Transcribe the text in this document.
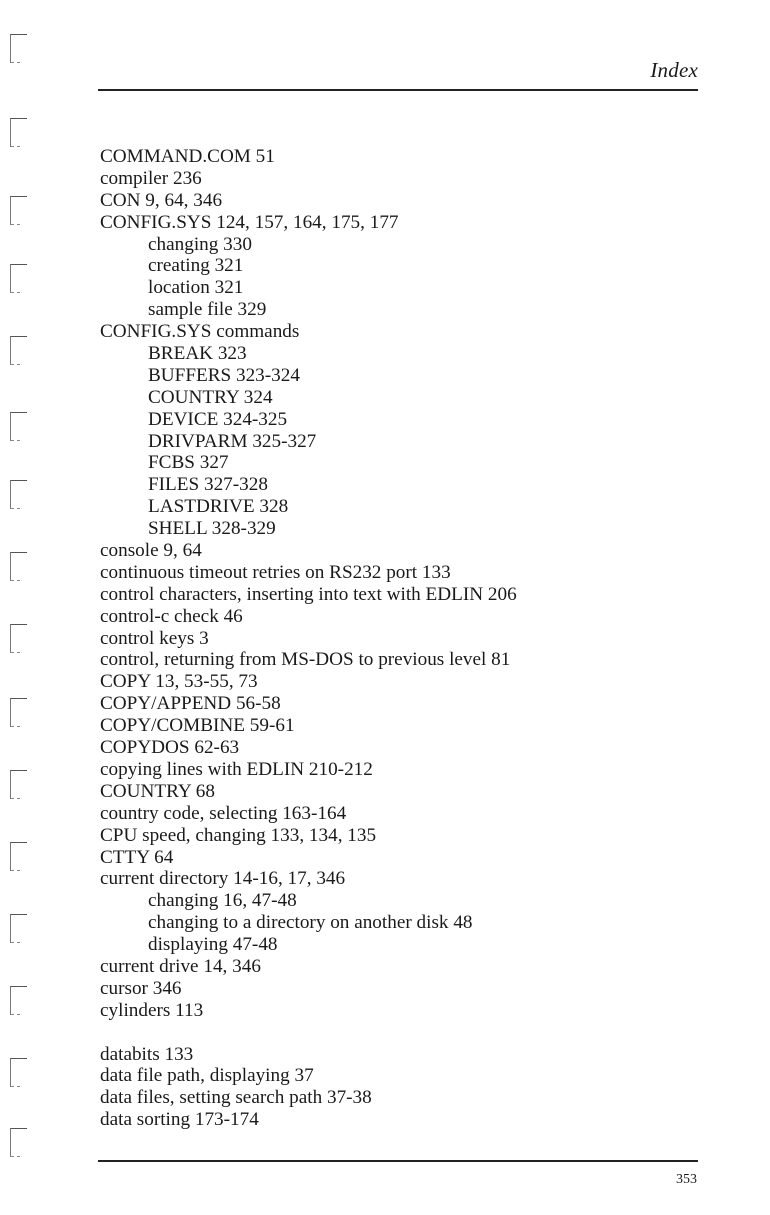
Index
COMMAND.COM 51
compiler 236
CON 9, 64, 346
CONFIG.SYS 124, 157, 164, 175, 177
changing 330
creating 321
location 321
sample file 329
CONFIG.SYS commands
BREAK 323
BUFFERS 323-324
COUNTRY 324
DEVICE 324-325
DRIVPARM 325-327
FCBS 327
FILES 327-328
LASTDRIVE 328
SHELL 328-329
console 9, 64
continuous timeout retries on RS232 port 133
control characters, inserting into text with EDLIN 206
control-c check 46
control keys 3
control, returning from MS-DOS to previous level 81
COPY 13, 53-55, 73
COPY/APPEND 56-58
COPY/COMBINE 59-61
COPYDOS 62-63
copying lines with EDLIN 210-212
COUNTRY 68
country code, selecting 163-164
CPU speed, changing 133, 134, 135
CTTY 64
current directory 14-16, 17, 346
changing 16, 47-48
changing to a directory on another disk 48
displaying 47-48
current drive 14, 346
cursor 346
cylinders 113
databits 133
data file path, displaying 37
data files, setting search path 37-38
data sorting 173-174
353
